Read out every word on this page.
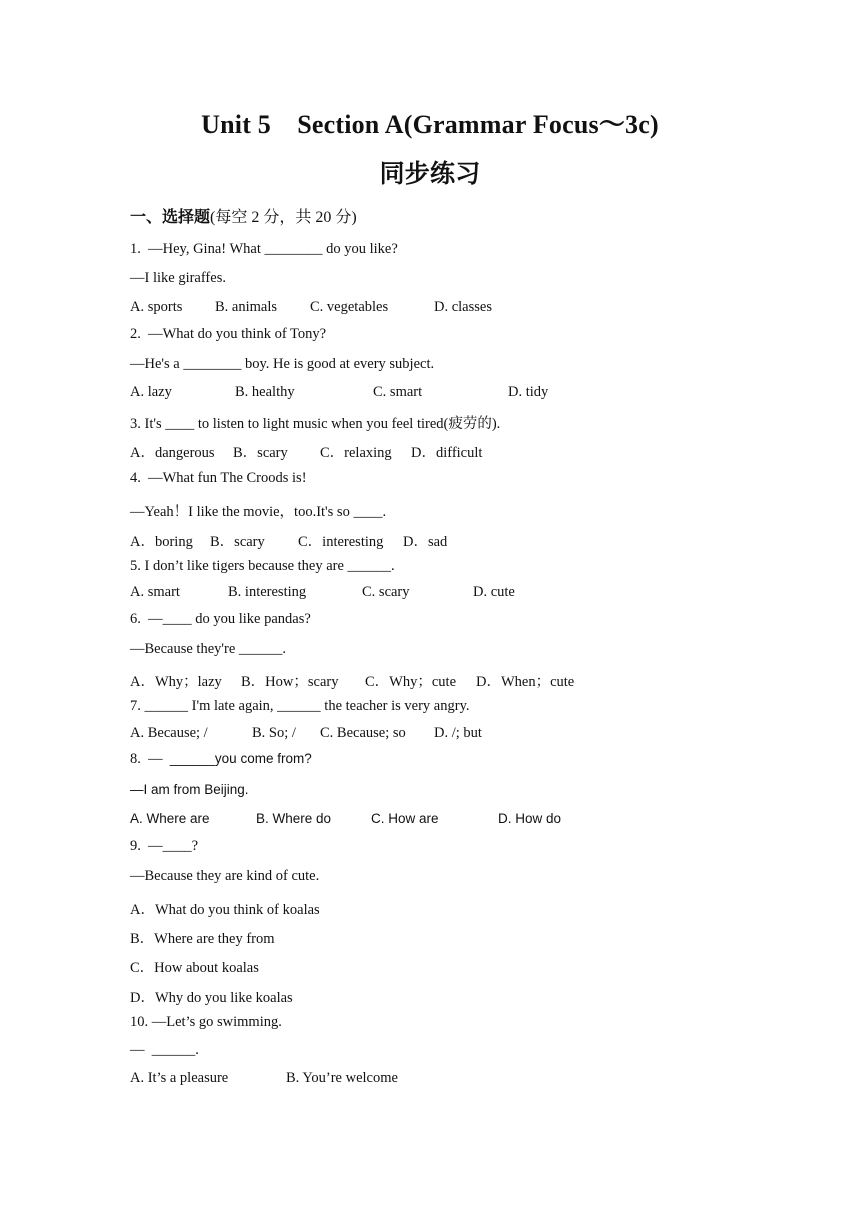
Unit 5　Section A(Grammar Focus～3c)
同步练习
一、选择题(每空 2 分，共 20 分)
1.  —Hey, Gina! What ________ do you like?
—I like giraffes.
A. sports B. animals C. vegetables	D. classes
2.  —What do you think of Tony?
—He's a ________ boy. He is good at every subject.
A. lazy	B. healthy	C. smart	D. tidy
3. It's ____ to listen to light music when you feel tired(疲劳的).
A．dangerous B．scary C．relaxing D．difficult
4.  —What fun The Croods is!
—Yeah！I like the movie，too.It's so ____.
A．boring B．scary C．interesting D．sad
5. I don’t like tigers because they are ______.
A. smart	B. interesting	C. scary	D. cute
6.  —____ do you like pandas?
—Because they're ______.
A．Why；lazy B．How；scary C．Why；cute D．When；cute
7. ______ I'm late again, ______ the teacher is very angry.
A. Because; /	B. So; / C. Because; so D. /; but
8.  —  ______you come from?
—I am from Beijing.
A. Where are	B. Where do	C. How are	D. How do
9.  —____?
—Because they are kind of cute.
A．What do you think of koalas
B．Where are they from
C．How about koalas
D．Why do you like koalas
10. —Let’s go swimming.
—  ______.
A. It’s a pleasure	B. You’re welcome
